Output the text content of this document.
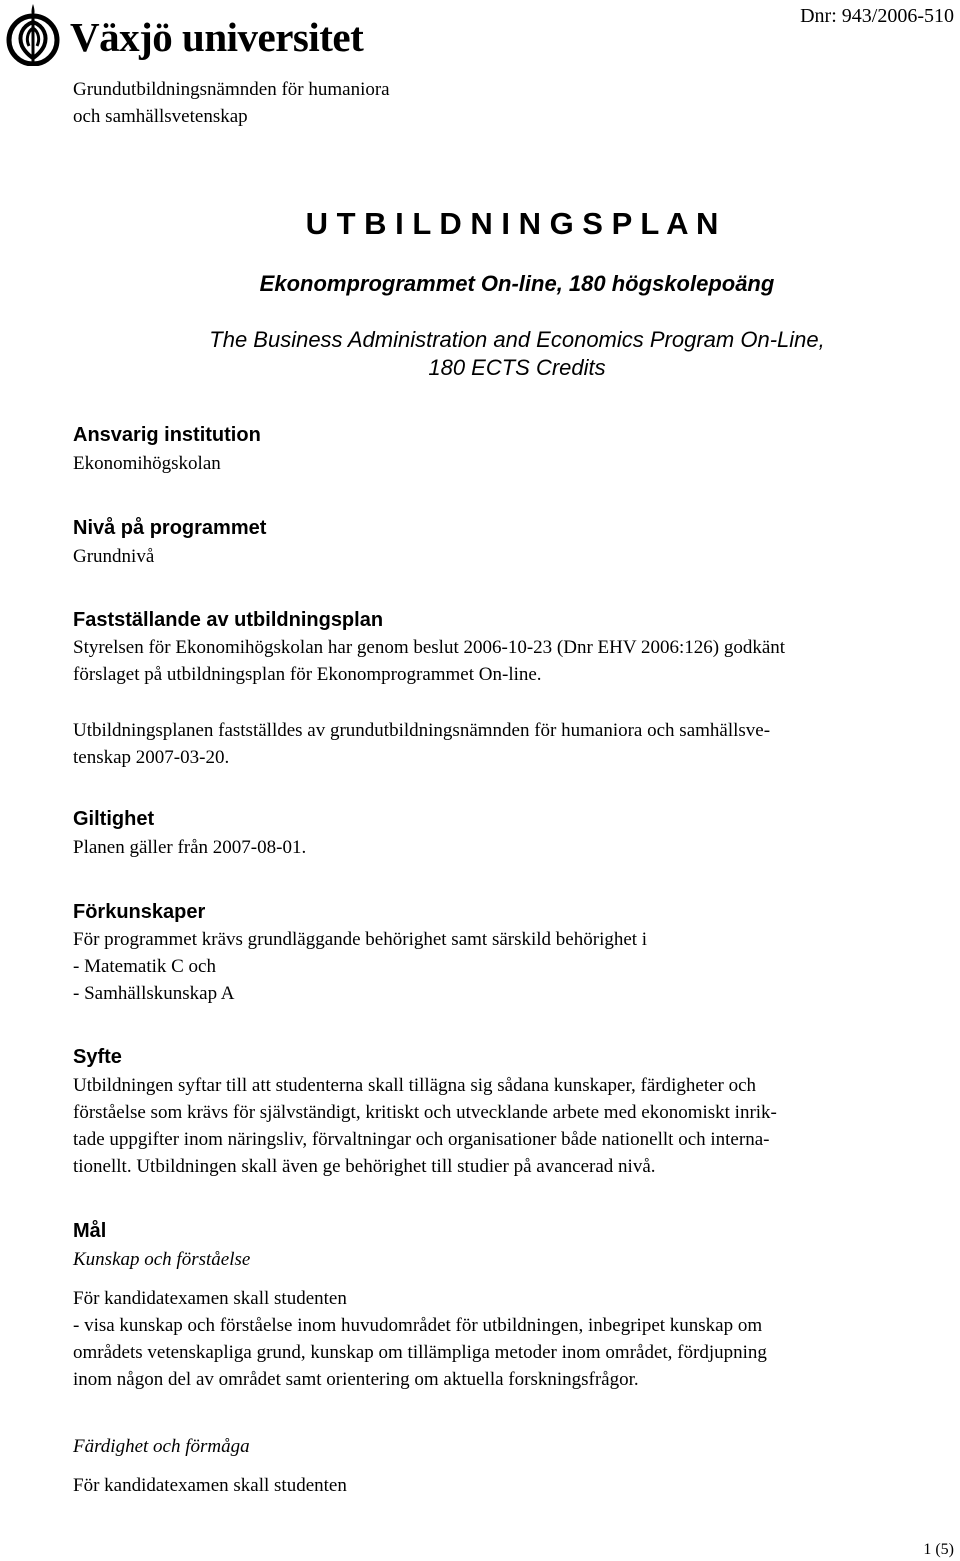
Växjö universitet	Dnr: 943/2006-510
Grundutbildningsnämnden för humaniora
och samhällsvetenskap
U T B I L D N I N G S P L A N
Ekonomprogrammet On-line, 180 högskolepoäng
The Business Administration and Economics Program On-Line,
180 ECTS Credits
Ansvarig institution
Ekonomihögskolan
Nivå på programmet
Grundnivå
Fastställande av utbildningsplan
Styrelsen för Ekonomihögskolan har genom beslut 2006-10-23 (Dnr EHV 2006:126) godkänt
förslaget på utbildningsplan för Ekonomprogrammet On-line.
Utbildningsplanen fastställdes av grundutbildningsnämnden för humaniora och samhällsve-
tenskap 2007-03-20.
Giltighet
Planen gäller från 2007-08-01.
Förkunskaper
För programmet krävs grundläggande behörighet samt särskild behörighet i
- Matematik C och
- Samhällskunskap A
Syfte
Utbildningen syftar till att studenterna skall tillägna sig sådana kunskaper, färdigheter och
förståelse som krävs för självständigt, kritiskt och utvecklande arbete med ekonomiskt inrik-
tade uppgifter inom näringsliv, förvaltningar och organisationer både nationellt och interna-
tionellt. Utbildningen skall även ge behörighet till studier på avancerad nivå.
Mål
Kunskap och förståelse
För kandidatexamen skall studenten
- visa kunskap och förståelse inom huvudområdet för utbildningen, inbegripet kunskap om
områdets vetenskapliga grund, kunskap om tillämpliga metoder inom området, fördjupning
inom någon del av området samt orientering om aktuella forskningsfrågor.
Färdighet och förmåga
För kandidatexamen skall studenten
1 (5)
